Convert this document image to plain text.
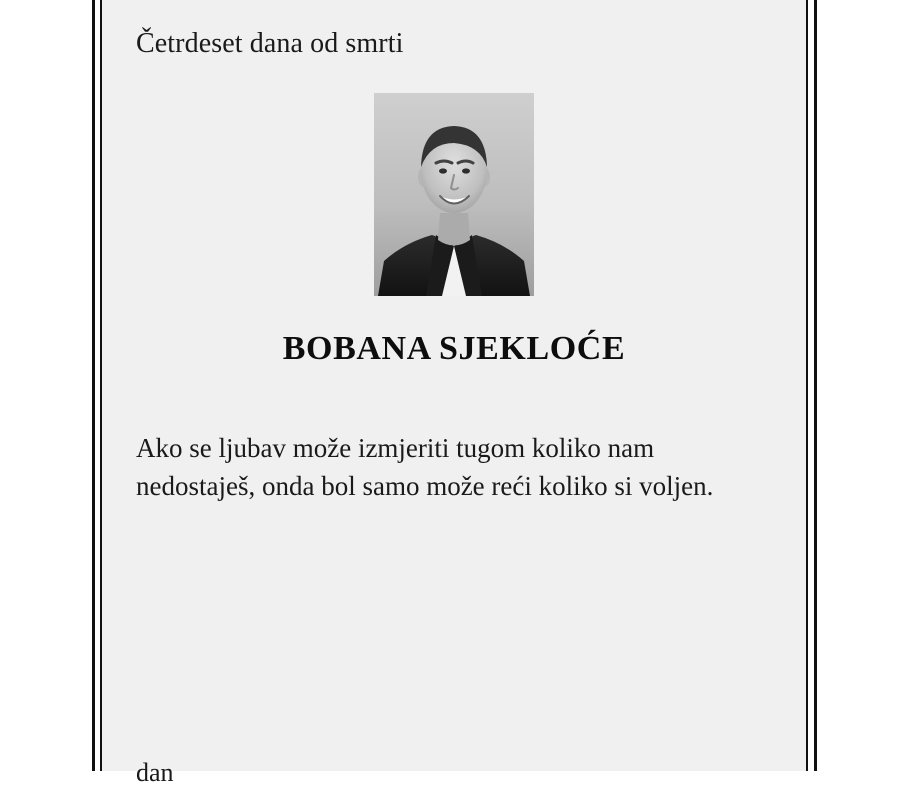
Četrdeset dana od smrti

BOBANA SJEKLOĆE

Ako se ljubav može izmjeriti tugom koliko nam nedostaješ, onda bol samo može reći koliko si voljen.

dan
